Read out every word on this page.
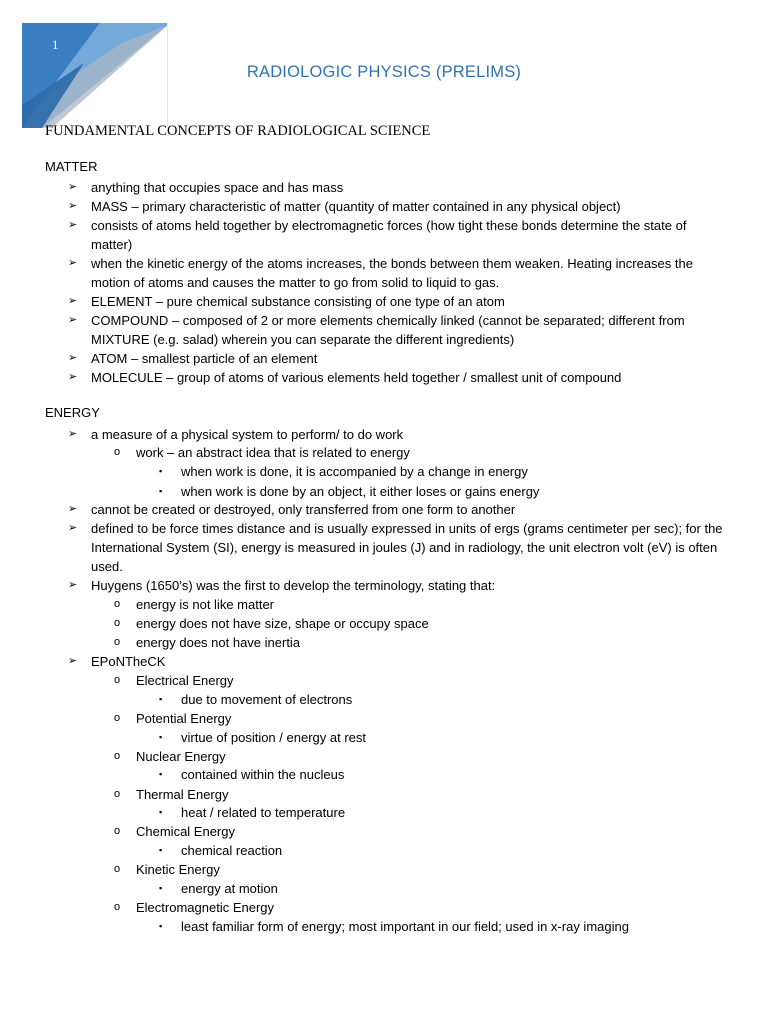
1
RADIOLOGIC PHYSICS (PRELIMS)
FUNDAMENTAL CONCEPTS OF RADIOLOGICAL SCIENCE
MATTER
➢ anything that occupies space and has mass
➢ MASS – primary characteristic of matter (quantity of matter contained in any physical object)
➢ consists of atoms held together by electromagnetic forces (how tight these bonds determine the state of matter)
➢ when the kinetic energy of the atoms increases, the bonds between them weaken. Heating increases the motion of atoms and causes the matter to go from solid to liquid to gas.
➢ ELEMENT – pure chemical substance consisting of one type of an atom
➢ COMPOUND – composed of 2 or more elements chemically linked (cannot be separated; different from MIXTURE (e.g. salad) wherein you can separate the different ingredients)
➢ ATOM – smallest particle of an element
➢ MOLECULE – group of atoms of various elements held together / smallest unit of compound
ENERGY
➢ a measure of a physical system to perform/ to do work
o work – an abstract idea that is related to energy
▪ when work is done, it is accompanied by a change in energy
▪ when work is done by an object, it either loses or gains energy
➢ cannot be created or destroyed, only transferred from one form to another
➢ defined to be force times distance and is usually expressed in units of ergs (grams centimeter per sec); for the International System (SI), energy is measured in joules (J) and in radiology, the unit electron volt (eV) is often used.
➢ Huygens (1650’s) was the first to develop the terminology, stating that:
o energy is not like matter
o energy does not have size, shape or occupy space
o energy does not have inertia
➢ EPoNTheCK
o Electrical Energy
▪ due to movement of electrons
o Potential Energy
▪ virtue of position / energy at rest
o Nuclear Energy
▪ contained within the nucleus
o Thermal Energy
▪ heat / related to temperature
o Chemical Energy
▪ chemical reaction
o Kinetic Energy
▪ energy at motion
o Electromagnetic Energy
▪ least familiar form of energy; most important in our field; used in x-ray imaging
